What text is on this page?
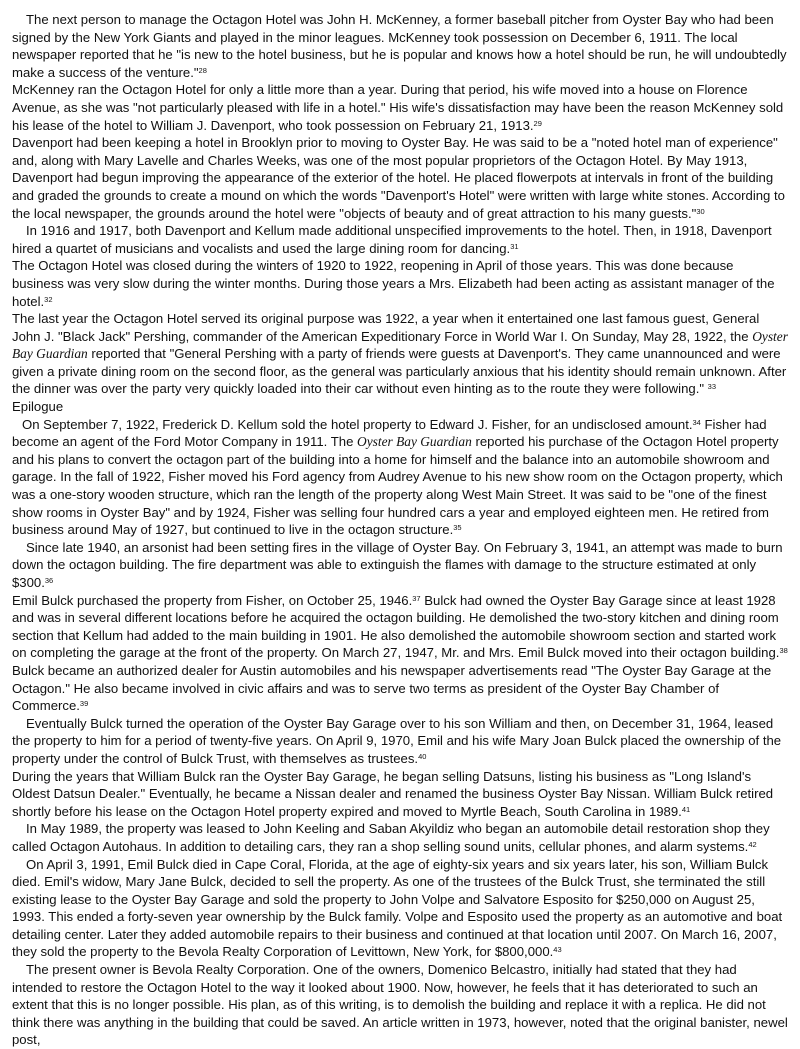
The next person to manage the Octagon Hotel was John H. McKenney, a former baseball pitcher from Oyster Bay who had been signed by the New York Giants and played in the minor leagues. McKenney took possession on December 6, 1911. The local newspaper reported that he "is new to the hotel business, but he is popular and knows how a hotel should be run, he will undoubtedly make a success of the venture."$^{28}$
McKenney ran the Octagon Hotel for only a little more than a year. During that period, his wife moved into a house on Florence Avenue, as she was "not particularly pleased with life in a hotel." His wife's dissatisfaction may have been the reason McKenney sold his lease of the hotel to William J. Davenport, who took possession on February 21, 1913.29
Davenport had been keeping a hotel in Brooklyn prior to moving to Oyster Bay. He was said to be a "noted hotel man of experience" and, along with Mary Lavelle and Charles Weeks, was one of the most popular proprietors of the Octagon Hotel. By May 1913, Davenport had begun improving the appearance of the exterior of the hotel. He placed flowerpots at intervals in front of the building and graded the grounds to create a mound on which the words "Davenport's Hotel" were written with large white stones. According to the local newspaper, the grounds around the hotel were "objects of beauty and of great attraction to his many guests."$^{30}$
In 1916 and 1917, both Davenport and Kellum made additional unspecified improvements to the hotel. Then, in 1918, Davenport hired a quartet of musicians and vocalists and used the large dining room for dancing.$^{31}$
The Octagon Hotel was closed during the winters of 1920 to 1922, reopening in April of those years. This was done because business was very slow during the winter months. During those years a Mrs. Elizabeth had been acting as assistant manager of the hotel.$^{32}$
The last year the Octagon Hotel served its original purpose was 1922, a year when it entertained one last famous guest, General John J. "Black Jack" Pershing, commander of the American Expeditionary Force in World War I. On Sunday, May 28, 1922, the Oyster Bay Guardian reported that "General Pershing with a party of friends were guests at Davenport's. They came unannounced and were given a private dining room on the second floor, as the general was particularly anxious that his identity should remain unknown. After the dinner was over the party very quickly loaded into their car without even hinting as to the route they were following." $^{33}$
Epilogue
On September 7, 1922, Frederick D. Kellum sold the hotel property to Edward J. Fisher, for an undisclosed amount.$^{34}$ Fisher had become an agent of the Ford Motor Company in 1911. The Oyster Bay Guardian reported his purchase of the Octagon Hotel property and his plans to convert the octagon part of the building into a home for himself and the balance into an automobile showroom and garage. In the fall of 1922, Fisher moved his Ford agency from Audrey Avenue to his new show room on the Octagon property, which was a one-story wooden structure, which ran the length of the property along West Main Street. It was said to be "one of the finest show rooms in Oyster Bay" and by 1924, Fisher was selling four hundred cars a year and employed eighteen men. He retired from business around May of 1927, but continued to live in the octagon structure.$^{35}$
Since late 1940, an arsonist had been setting fires in the village of Oyster Bay. On February 3, 1941, an attempt was made to burn down the octagon building. The fire department was able to extinguish the flames with damage to the structure estimated at only $300.36
Emil Bulck purchased the property from Fisher, on October 25, 1946.37 Bulck had owned the Oyster Bay Garage since at least 1928 and was in several different locations before he acquired the octagon building. He demolished the two-story kitchen and dining room section that Kellum had added to the main building in 1901. He also demolished the automobile showroom section and started work on completing the garage at the front of the property. On March 27, 1947, Mr. and Mrs. Emil Bulck moved into their octagon building.$^{38}$
Bulck became an authorized dealer for Austin automobiles and his newspaper advertisements read "The Oyster Bay Garage at the Octagon." He also became involved in civic affairs and was to serve two terms as president of the Oyster Bay Chamber of Commerce.$^{39}$
Eventually Bulck turned the operation of the Oyster Bay Garage over to his son William and then, on December 31, 1964, leased the property to him for a period of twenty-five years. On April 9, 1970, Emil and his wife Mary Joan Bulck placed the ownership of the property under the control of Bulck Trust, with themselves as trustees.$^{40}$
During the years that William Bulck ran the Oyster Bay Garage, he began selling Datsuns, listing his business as "Long Island's Oldest Datsun Dealer." Eventually, he became a Nissan dealer and renamed the business Oyster Bay Nissan. William Bulck retired shortly before his lease on the Octagon Hotel property expired and moved to Myrtle Beach, South Carolina in 1989.41
In May 1989, the property was leased to John Keeling and Saban Akyildiz who began an automobile detail restoration shop they called Octagon Autohaus. In addition to detailing cars, they ran a shop selling sound units, cellular phones, and alarm systems.$^{42}$
On April 3, 1991, Emil Bulck died in Cape Coral, Florida, at the age of eighty-six years and six years later, his son, William Bulck died. Emil's widow, Mary Jane Bulck, decided to sell the property. As one of the trustees of the Bulck Trust, she terminated the still existing lease to the Oyster Bay Garage and sold the property to John Volpe and Salvatore Esposito for $250,000 on August 25, 1993. This ended a forty-seven year ownership by the Bulck family. Volpe and Esposito used the property as an automotive and boat detailing center. Later they added automobile repairs to their business and continued at that location until 2007. On March 16, 2007, they sold the property to the Bevola Realty Corporation of Levittown, New York, for $800,000.43
The present owner is Bevola Realty Corporation. One of the owners, Domenico Belcastro, initially had stated that they had intended to restore the Octagon Hotel to the way it looked about 1900. Now, however, he feels that it has deteriorated to such an extent that this is no longer possible. His plan, as of this writing, is to demolish the building and replace it with a replica. He did not think there was anything in the building that could be saved. An article written in 1973, however, noted that the original banister, newel post,
